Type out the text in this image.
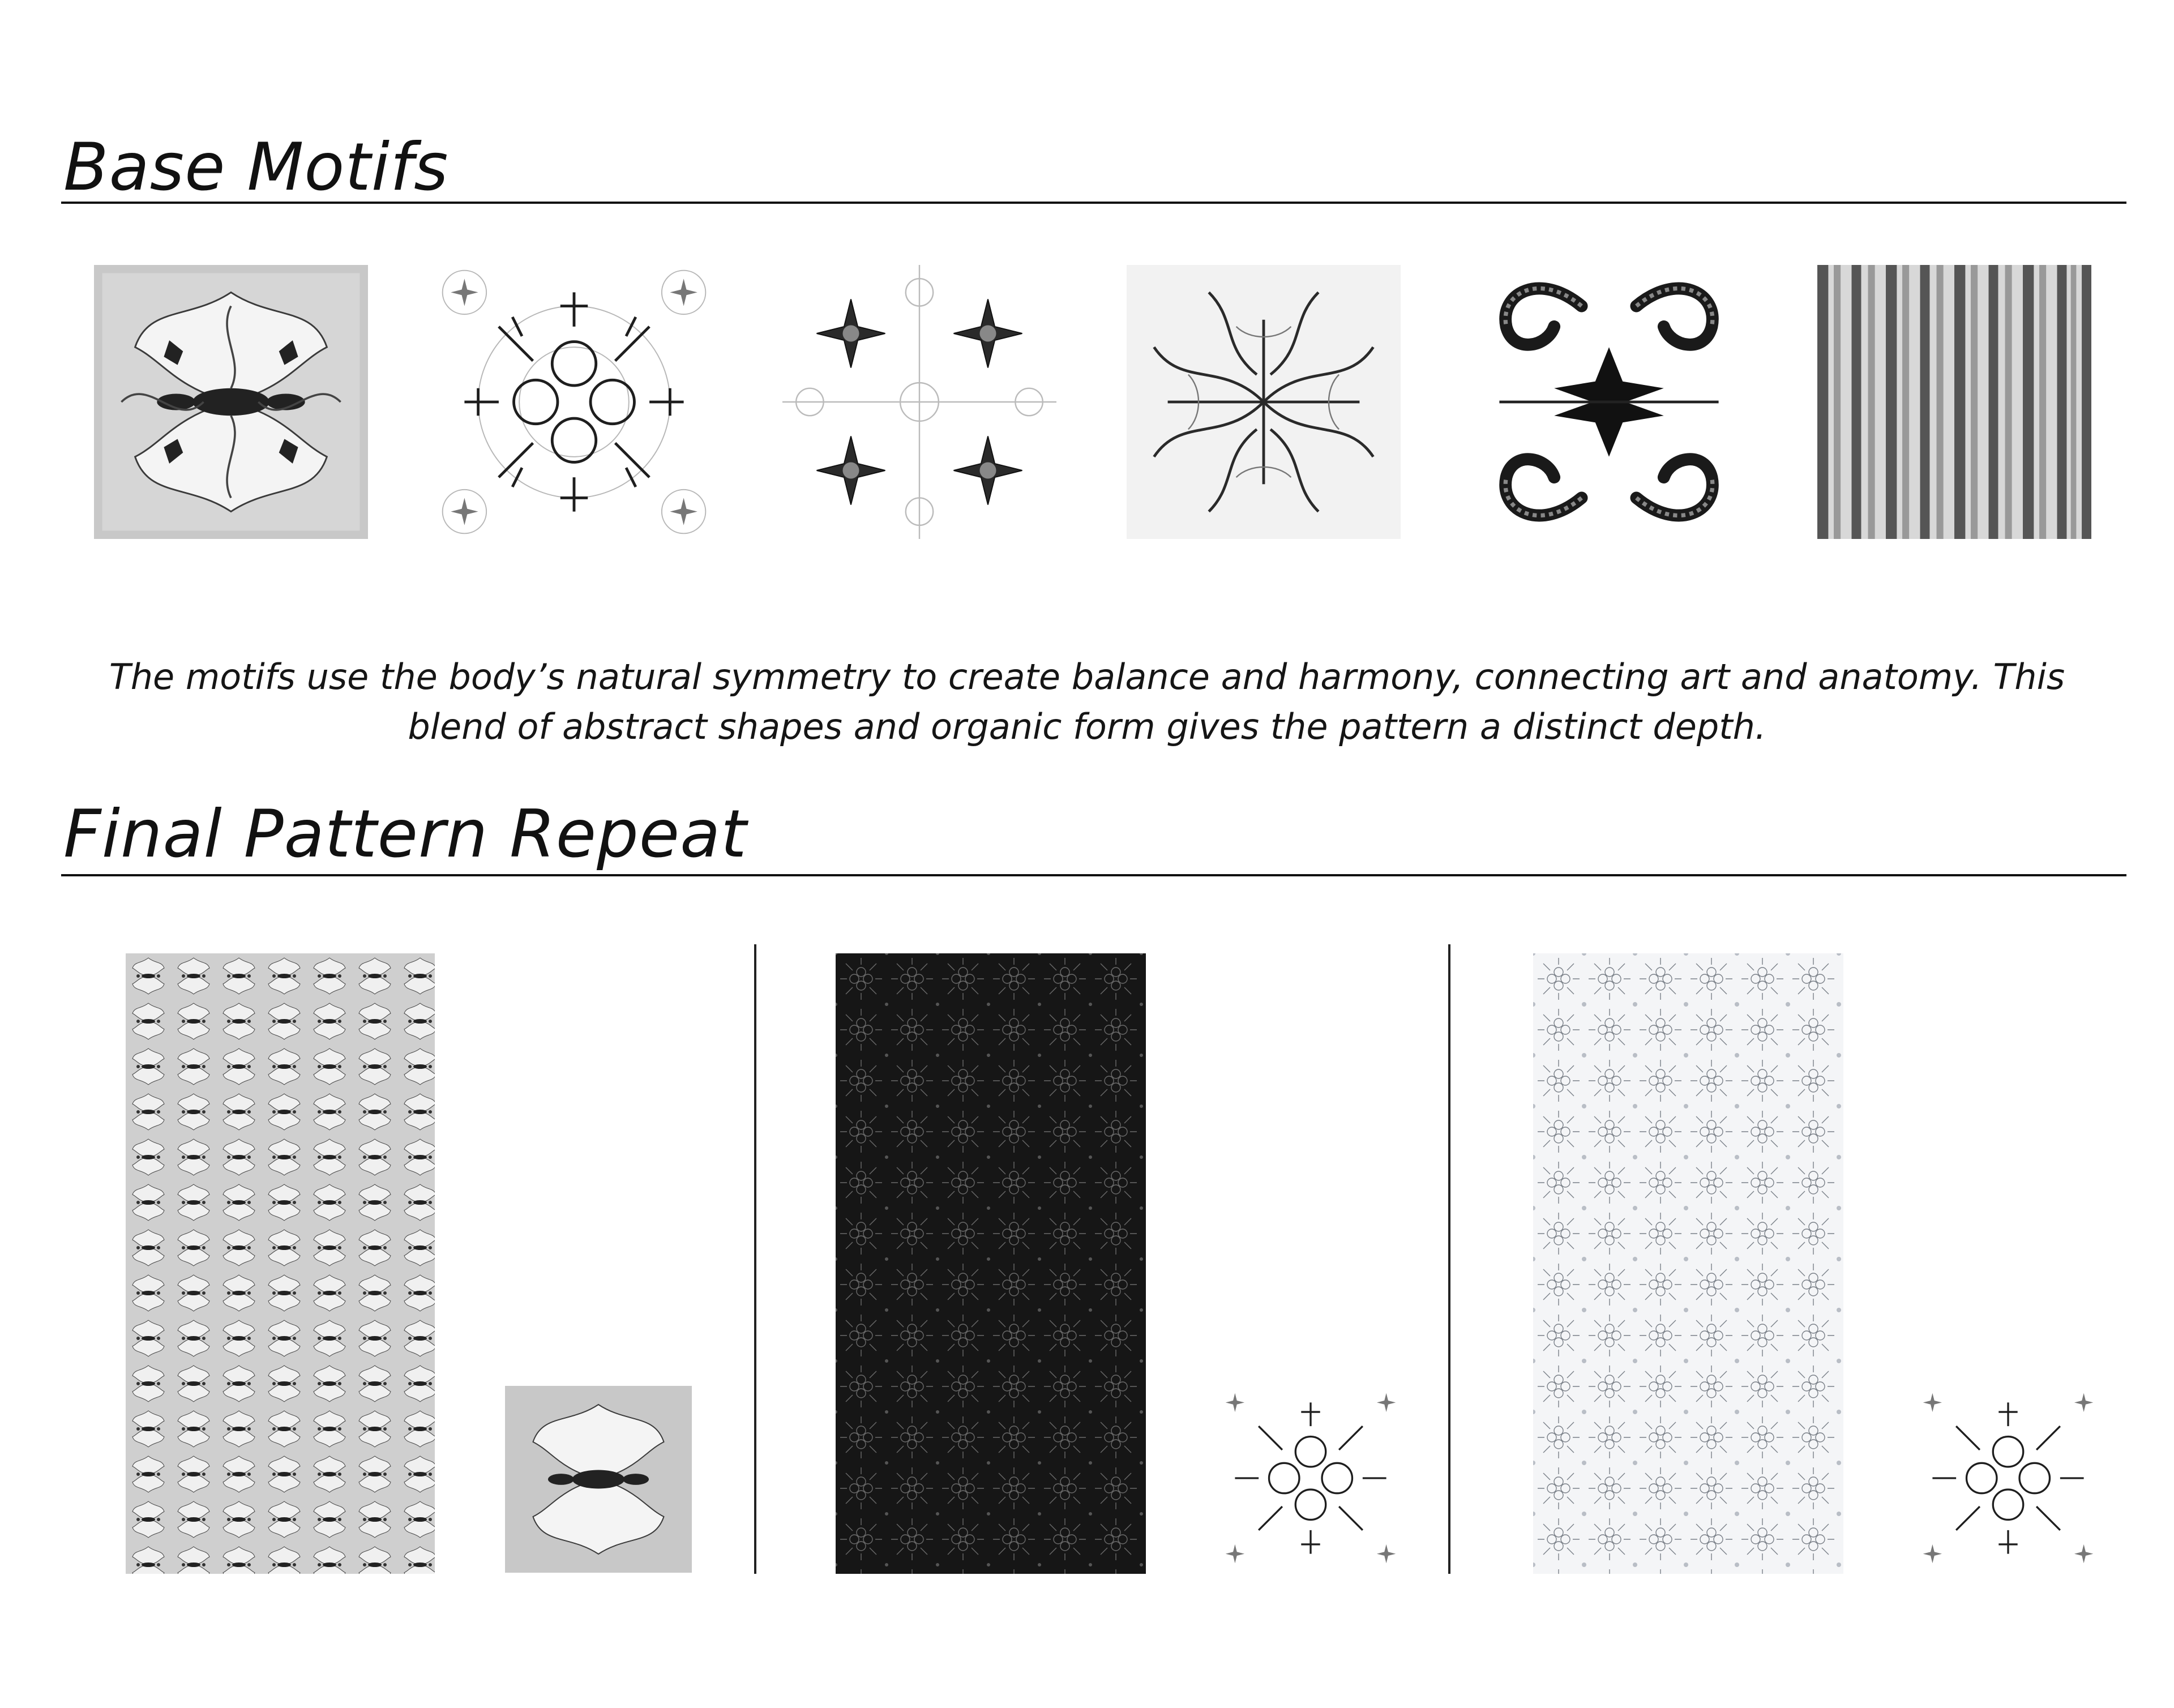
Base Motifs

The motifs use the body’s natural symmetry to create balance and harmony, connecting art and anatomy. This blend of abstract shapes and organic form gives the pattern a distinct depth.

Final Pattern Repeat
